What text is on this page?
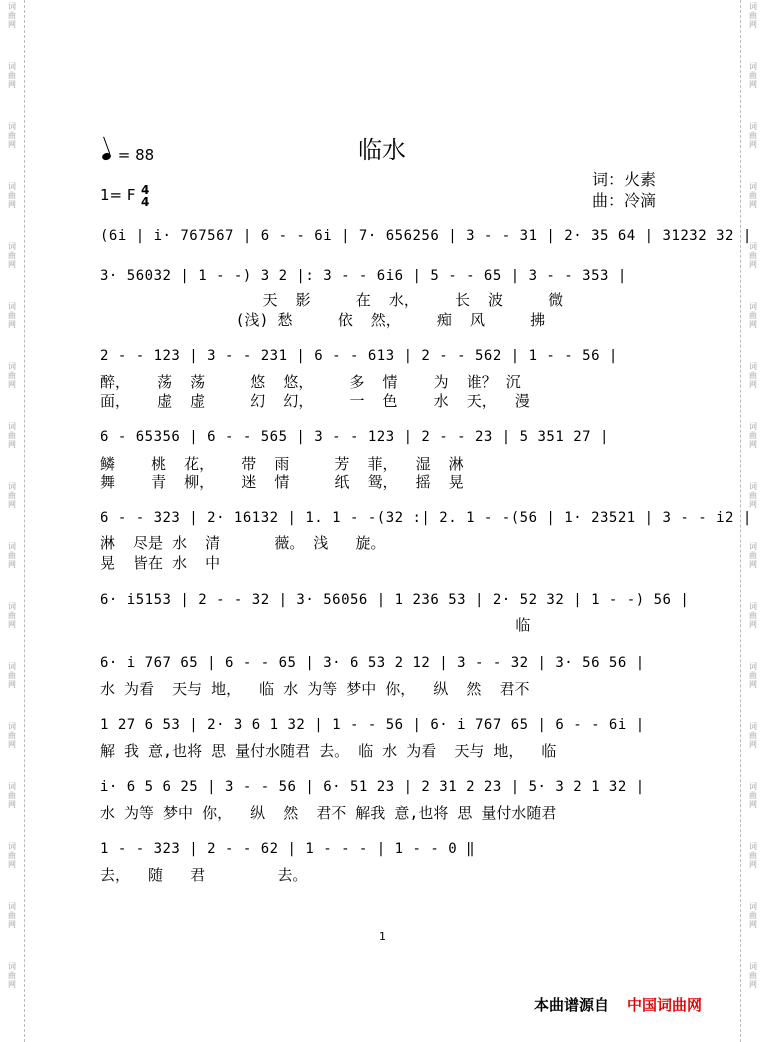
词
曲
网
词
曲
网
词
曲
网
词
曲
网
词
曲
网
词
曲
网
词
曲
网
词
曲
网
词
曲
网
词
曲
网
词
曲
网
词
曲
网
词
曲
网
词
曲
网
词
曲
网
词
曲
网
词
曲
网
词
曲
网
词
曲
网
词
曲
网
词
曲
网
词
曲
网
词
曲
网
词
曲
网
词
曲
网
词
曲
网
词
曲
网
词
曲
网
词
曲
网
词
曲
网
词
曲
网
词
曲
网
词
曲
网
词
曲
网
临水
= 88
1= F 4
4
词：火素
曲：冷滴
(6i | i· 767567 | 6 - - 6i | 7· 656256 | 3 - - 31 | 2· 35 64 | 31232 32 |
3· 56032 | 1 - -) 3 2 |: 3 - - 6i6 | 5 - - 65 | 3 - - 353 |
2 - - 123 | 3 - - 231 | 6 - - 613 | 2 - - 562 | 1 - - 56 |
6 - 65356 | 6 - - 565 | 3 - - 123 | 2 - - 23 | 5 351 27 |
6 - - 323 | 2· 16132 | 1. 1 - -(32 :| 2. 1 - -(56 | 1· 23521 | 3 - - i2 |
6· i5153 | 2 - - 32 | 3· 56056 | 1 236 53 | 2· 52 32 | 1 - -) 56 |
6· i 767 65 | 6 - - 65 | 3· 6 53 2 12 | 3 - - 32 | 3· 56 56 |
1 27 6 53 | 2· 3 6 1 32 | 1 - - 56 | 6· i 767 65 | 6 - - 6i |
i· 6 5 6 25 | 3 - - 56 | 6· 51 23 | 2 31 2 23 | 5· 3 2 1 32 |
1 - - 323 | 2 - - 62 | 1 - - - | 1 - - 0 ‖
天  影     在  水，    长  波     微
(浅) 愁     依  然，    痴  风     拂
醉，   荡  荡     悠  悠，    多  情    为  谁？ 沉
面，   虚  虚     幻  幻，    一  色    水  天，  漫
鳞    桃  花，   带  雨     芳  菲，  湿  淋
舞    青  柳，   迷  情     纸  鸳，  摇  晃
淋  尽是 水  清      薇。 浅   旋。
晃  皆在 水  中
临
水 为看  天与 地，  临 水 为等 梦中 你，  纵  然  君不
解 我 意,也将 思 量付水随君 去。 临 水 为看  天与 地，  临
水 为等 梦中 你，  纵  然  君不 解我 意,也将 思 量付水随君
去，  随   君        去。
1
本曲谱源自 中国词曲网
